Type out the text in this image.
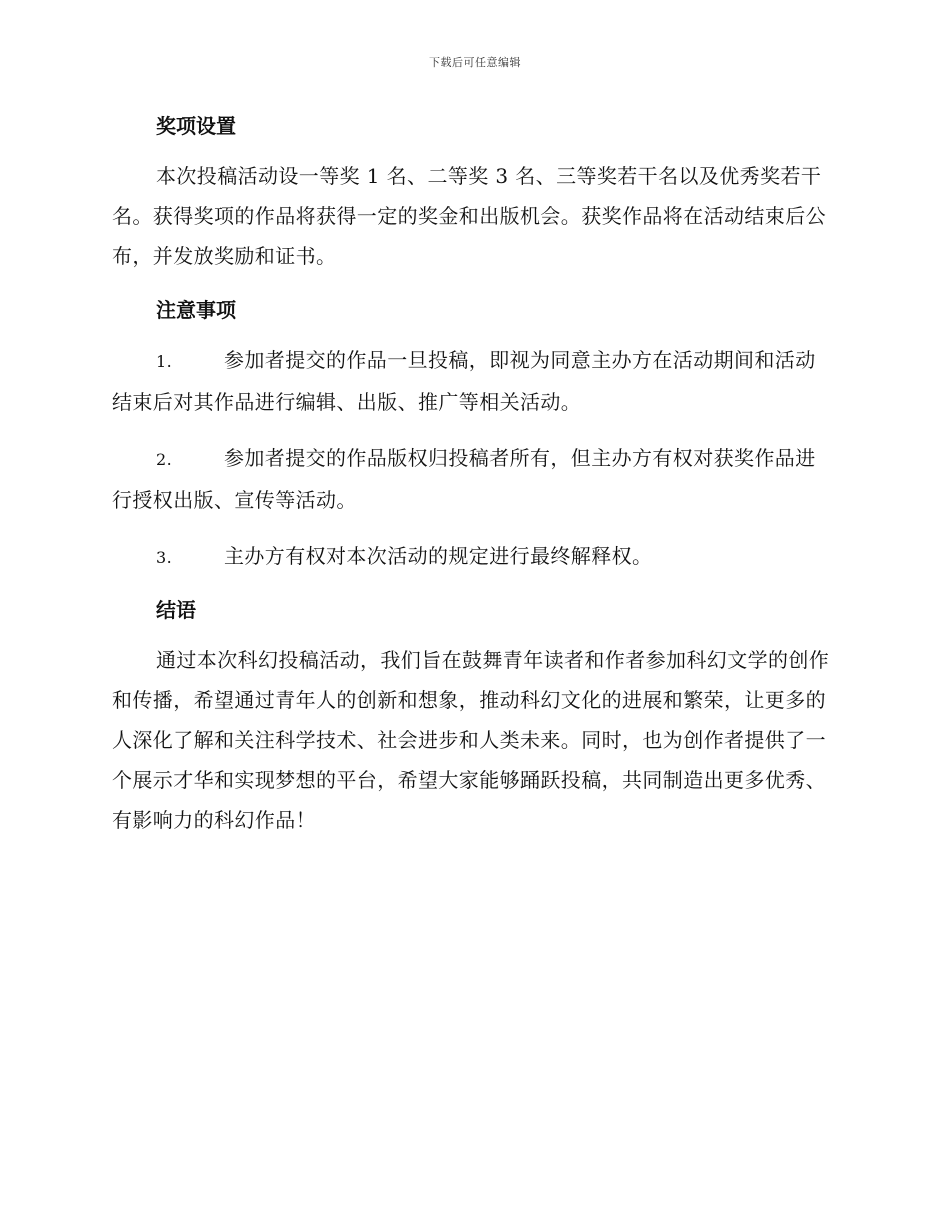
下载后可任意编辑
奖项设置

本次投稿活动设一等奖 1 名、二等奖 3 名、三等奖若干名以及优秀奖若干名。获得奖项的作品将获得一定的奖金和出版机会。获奖作品将在活动结束后公布，并发放奖励和证书。

注意事项

1.	参加者提交的作品一旦投稿，即视为同意主办方在活动期间和活动结束后对其作品进行编辑、出版、推广等相关活动。

2.	参加者提交的作品版权归投稿者所有，但主办方有权对获奖作品进行授权出版、宣传等活动。

3.	主办方有权对本次活动的规定进行最终解释权。

结语

通过本次科幻投稿活动，我们旨在鼓舞青年读者和作者参加科幻文学的创作和传播，希望通过青年人的创新和想象，推动科幻文化的进展和繁荣，让更多的人深化了解和关注科学技术、社会进步和人类未来。同时，也为创作者提供了一个展示才华和实现梦想的平台，希望大家能够踊跃投稿，共同制造出更多优秀、有影响力的科幻作品！
